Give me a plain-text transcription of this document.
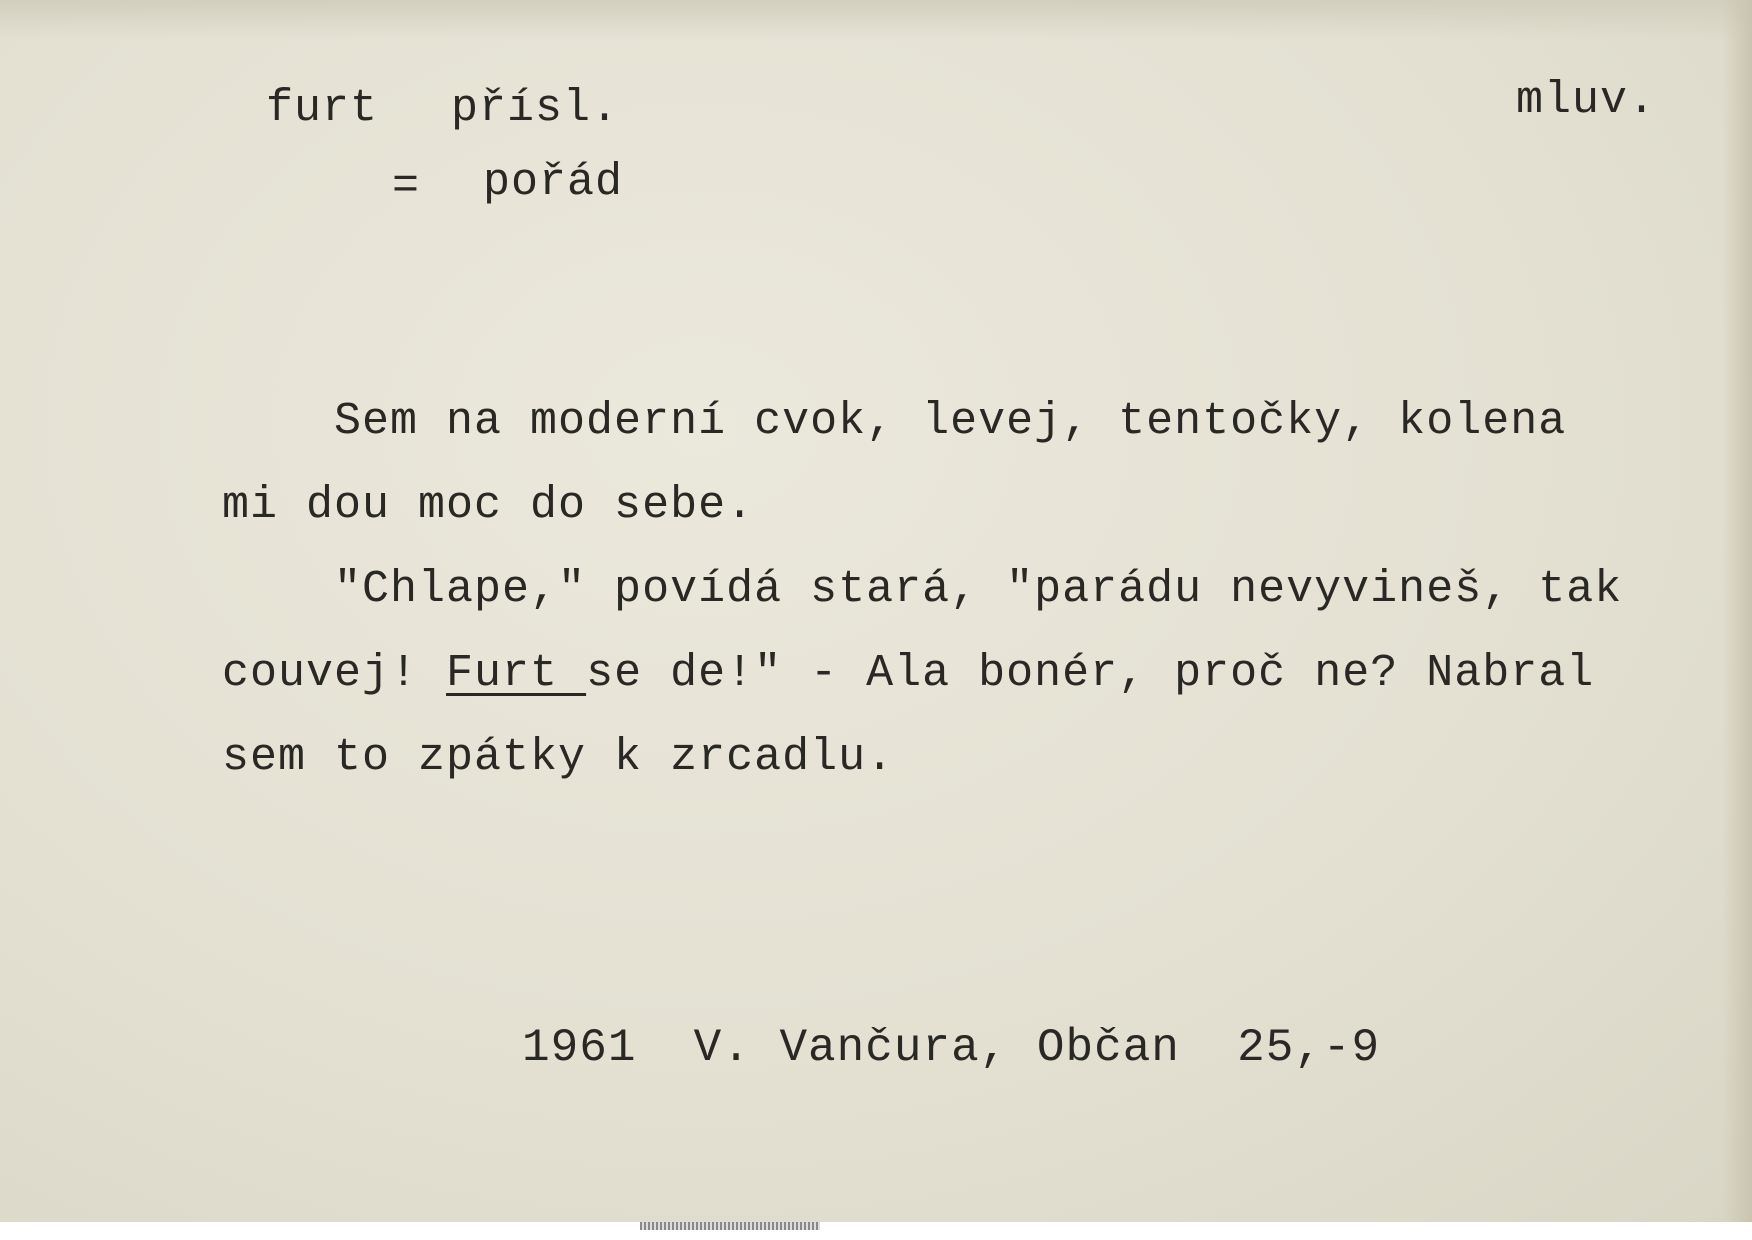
furt přísl.	mluv.
= pořád

Sem na moderní cvok, levej, tentočky, kolena

mi dou moc do sebe.

"Chlape," povídá stará, "parádu nevyvineš, tak

couvej! Furt se de!" - Ala bonér, proč ne? Nabral

sem to zpátky k zrcadlu.

1961  V. Vančura, Občan  25,-9
